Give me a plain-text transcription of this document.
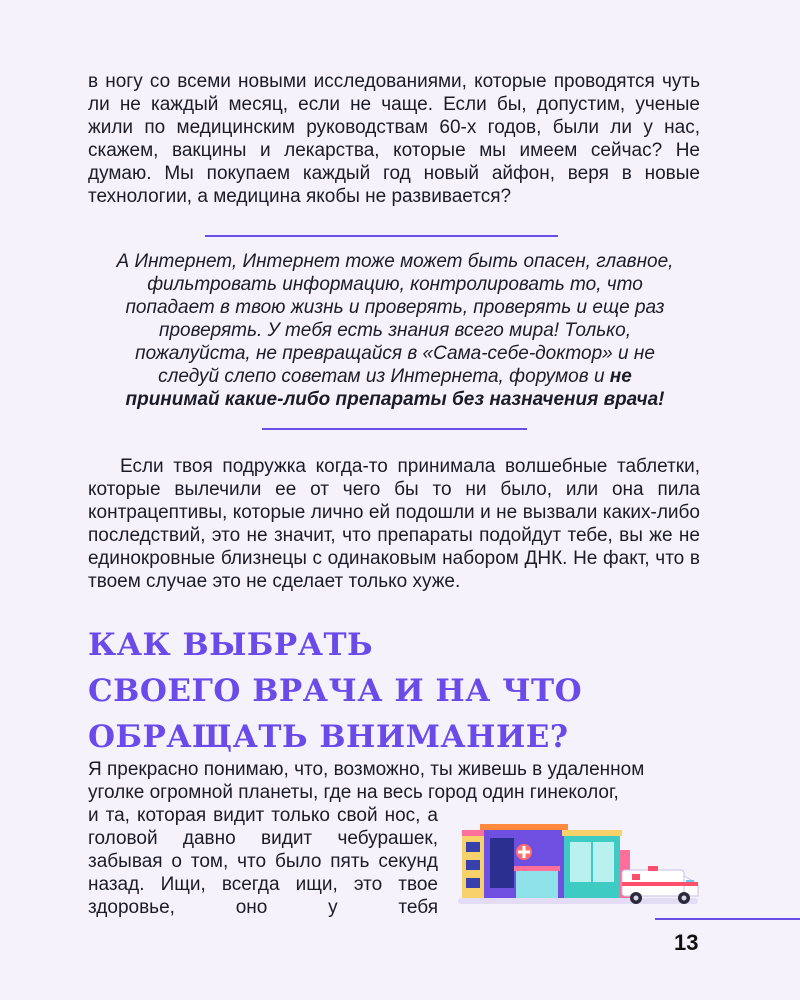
в ногу со всеми новыми исследованиями, которые проводятся чуть ли не каждый месяц, если не чаще. Если бы, допустим, ученые жили по медицинским руководствам 60-х годов, были ли у нас, скажем, вакцины и лекарства, которые мы имеем сейчас? Не думаю. Мы покупаем каждый год новый айфон, веря в новые технологии, а медицина якобы не развивается?

А Интернет, Интернет тоже может быть опасен, главное, фильтровать информацию, контролировать то, что попадает в твою жизнь и проверять, проверять и еще раз проверять. У тебя есть знания всего мира! Только, пожалуйста, не превращайся в «Сама-себе-доктор» и не следуй слепо советам из Интернета, форумов и не принимай какие-либо препараты без назначения врача!

Если твоя подружка когда-то принимала волшебные таблетки, которые вылечили ее от чего бы то ни было, или она пила контрацептивы, которые лично ей подошли и не вызвали каких-либо последствий, это не значит, что препараты подойдут тебе, вы же не единокровные близнецы с одинаковым набором ДНК. Не факт, что в твоем случае это не сделает только хуже.

КАК ВЫБРАТЬ
СВОЕГО ВРАЧА И НА ЧТО
ОБРАЩАТЬ ВНИМАНИЕ?

Я прекрасно понимаю, что, возможно, ты живешь в удаленном
уголке огромной планеты, где на весь город один гинеколог,

и та, которая видит только свой нос, а головой давно видит чебурашек, забывая о том, что было пять секунд назад. Ищи, всегда ищи, это твое здоровье, оно у тебя

13
